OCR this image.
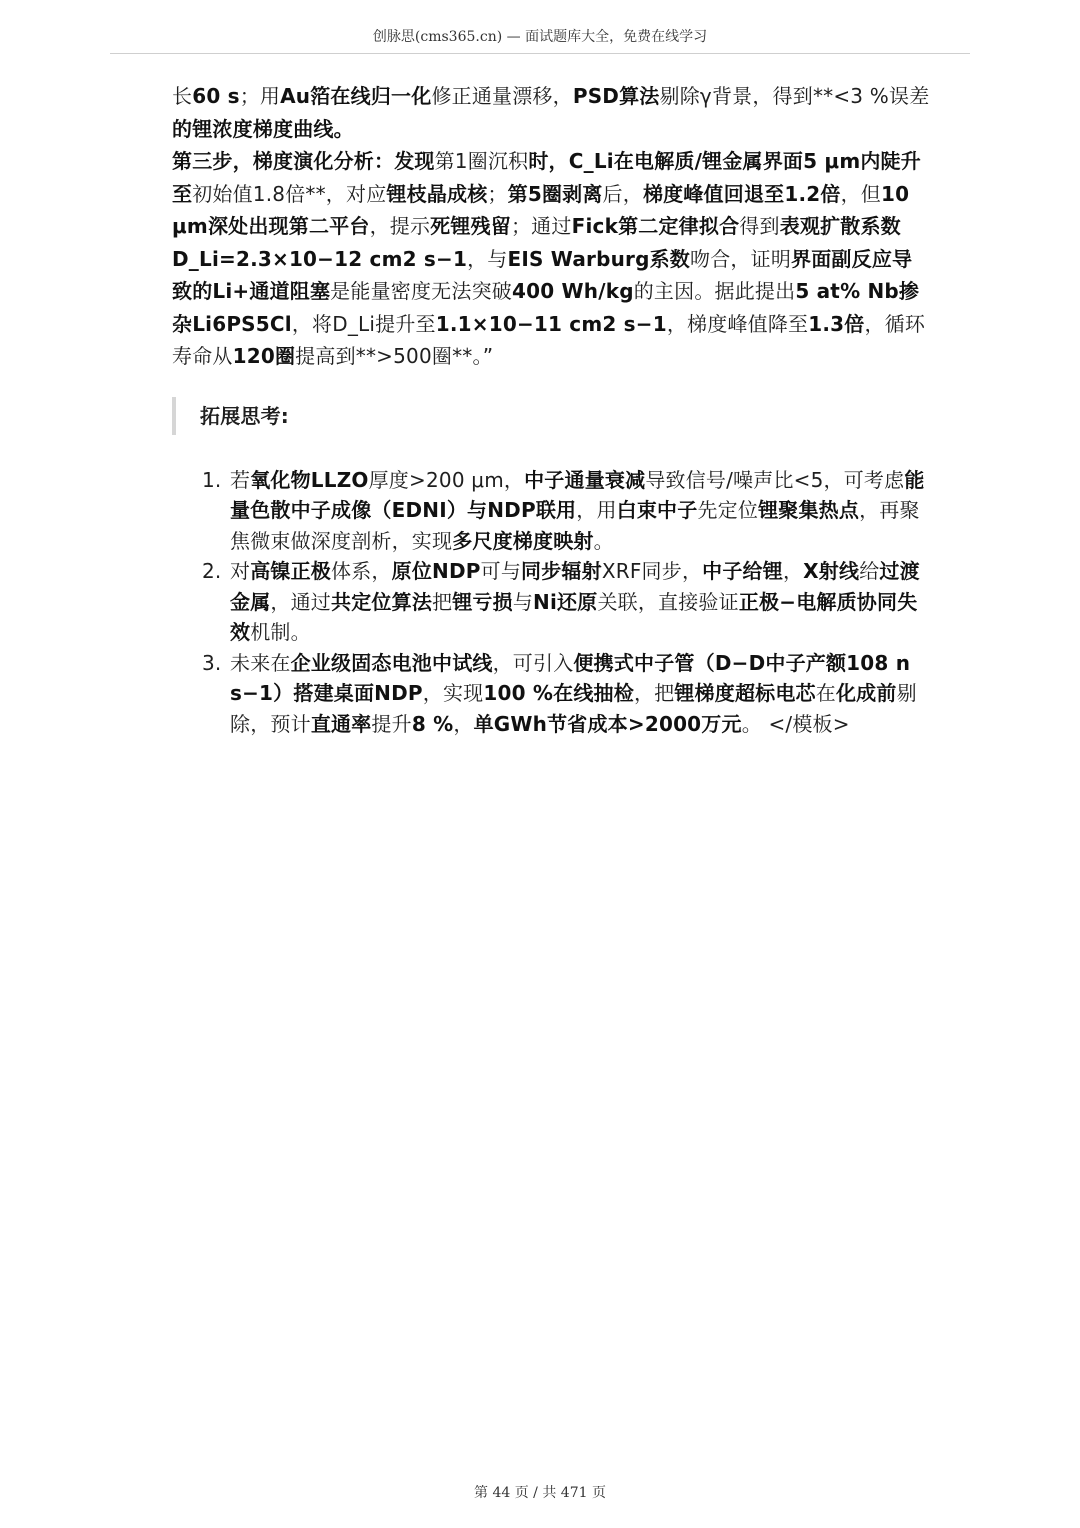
创脉思(cms365.cn) — 面试题库大全，免费在线学习

长60 s；用Au箔在线归一化修正通量漂移，PSD算法剔除γ背景，得到**<3 %误差的锂浓度梯度曲线。

第三步，梯度演化分析：发现第1圈沉积时，C_Li在电解质/锂金属界面5 μm内陡升至初始值1.8倍**，对应锂枝晶成核；第5圈剥离后，梯度峰值回退至1.2倍，但10 μm深处出现第二平台，提示死锂残留；通过Fick第二定律拟合得到表观扩散系数D_Li=2.3×10−12 cm2 s−1，与EIS Warburg系数吻合，证明界面副反应导致的Li+通道阻塞是能量密度无法突破400 Wh/kg的主因。据此提出5 at% Nb掺杂Li6PS5Cl，将D_Li提升至1.1×10−11 cm2 s−1，梯度峰值降至1.3倍，循环寿命从120圈提高到**>500圈**。”

拓展思考:
1. 若氧化物LLZO厚度>200 μm，中子通量衰减导致信号/噪声比<5，可考虑能量色散中子成像（EDNI）与NDP联用，用白束中子先定位锂聚集热点，再聚焦微束做深度剖析，实现多尺度梯度映射。
2. 对高镍正极体系，原位NDP可与同步辐射XRF同步，中子给锂，X射线给过渡金属，通过共定位算法把锂亏损与Ni还原关联，直接验证正极−电解质协同失效机制。
3. 未来在企业级固态电池中试线，可引入便携式中子管（D−D中子产额108 n s−1）搭建桌面NDP，实现100 %在线抽检，把锂梯度超标电芯在化成前剔除，预计直通率提升8 %，单GWh节省成本>2000万元。 </模板>
第 44 页 / 共 471 页
